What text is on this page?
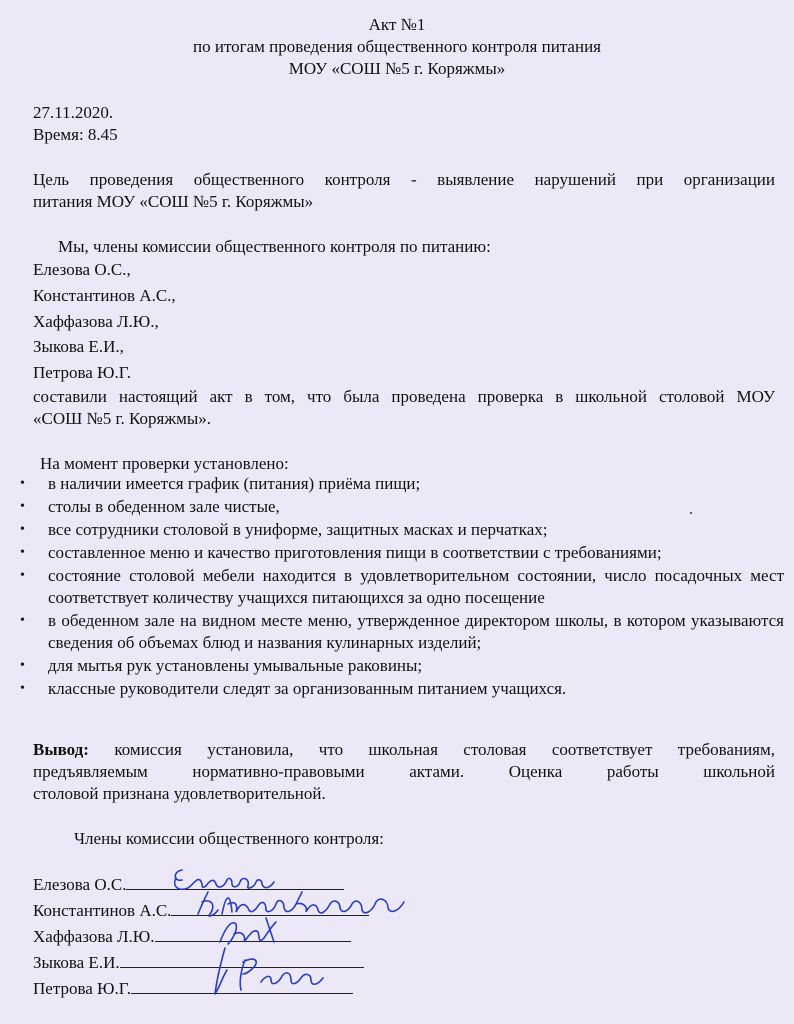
Акт №1
по итогам проведения общественного контроля питания
МОУ «СОШ №5 г. Коряжмы»
27.11.2020.
Время: 8.45
Цель проведения общественного контроля - выявление нарушений при организации
питания МОУ «СОШ №5 г. Коряжмы»
Мы, члены комиссии общественного контроля по питанию:
Елезова О.С.,
Константинов А.С.,
Хаффазова Л.Ю.,
Зыкова Е.И.,
Петрова Ю.Г.
составили настоящий акт в том, что была проведена проверка в школьной столовой МОУ
«СОШ №5 г. Коряжмы».
На момент проверки установлено:
• в наличии имеется график (питания) приёма пищи;
• столы в обеденном зале чистые,
• все сотрудники столовой в униформе, защитных масках и перчатках;
• составленное меню и качество приготовления пищи в соответствии с требованиями;
• состояние столовой мебели находится в удовлетворительном состоянии, число посадочных мест соответствует количеству учащихся питающихся за одно посещение
• в обеденном зале на видном месте меню, утвержденное директором школы, в котором указываются сведения об объемах блюд и названия кулинарных изделий;
• для мытья рук установлены умывальные раковины;
• классные руководители следят за организованным питанием учащихся.
Вывод: комиссия установила, что школьная столовая соответствует требованиям,
предъявляемым нормативно-правовыми актами. Оценка работы школьной
столовой признана удовлетворительной.
Члены комиссии общественного контроля:
Елезова О.С.
Константинов А.С.
Хаффазова Л.Ю.
Зыкова Е.И.
Петрова Ю.Г.
